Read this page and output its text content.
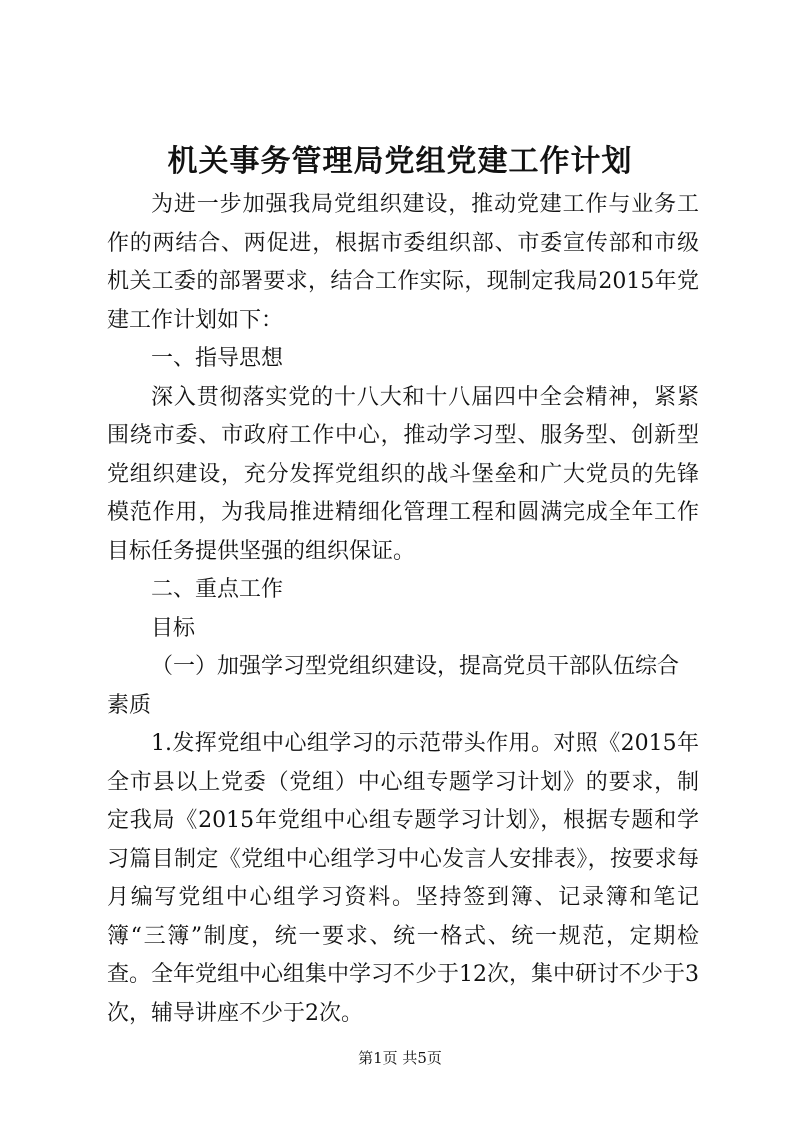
机关事务管理局党组党建工作计划

为进一步加强我局党组织建设，推动党建工作与业务工作的两结合、两促进，根据市委组织部、市委宣传部和市级机关工委的部署要求，结合工作实际，现制定我局2015年党建工作计划如下：

一、指导思想

深入贯彻落实党的十八大和十八届四中全会精神，紧紧围绕市委、市政府工作中心，推动学习型、服务型、创新型党组织建设，充分发挥党组织的战斗堡垒和广大党员的先锋模范作用，为我局推进精细化管理工程和圆满完成全年工作目标任务提供坚强的组织保证。

二、重点工作

目标

（一）加强学习型党组织建设，提高党员干部队伍综合素质

1.发挥党组中心组学习的示范带头作用。对照《2015年全市县以上党委（党组）中心组专题学习计划》的要求，制定我局《2015年党组中心组专题学习计划》，根据专题和学习篇目制定《党组中心组学习中心发言人安排表》，按要求每月编写党组中心组学习资料。坚持签到簿、记录簿和笔记簿“三簿”制度，统一要求、统一格式、统一规范，定期检查。全年党组中心组集中学习不少于12次，集中研讨不少于3次，辅导讲座不少于2次。

第1页 共5页
